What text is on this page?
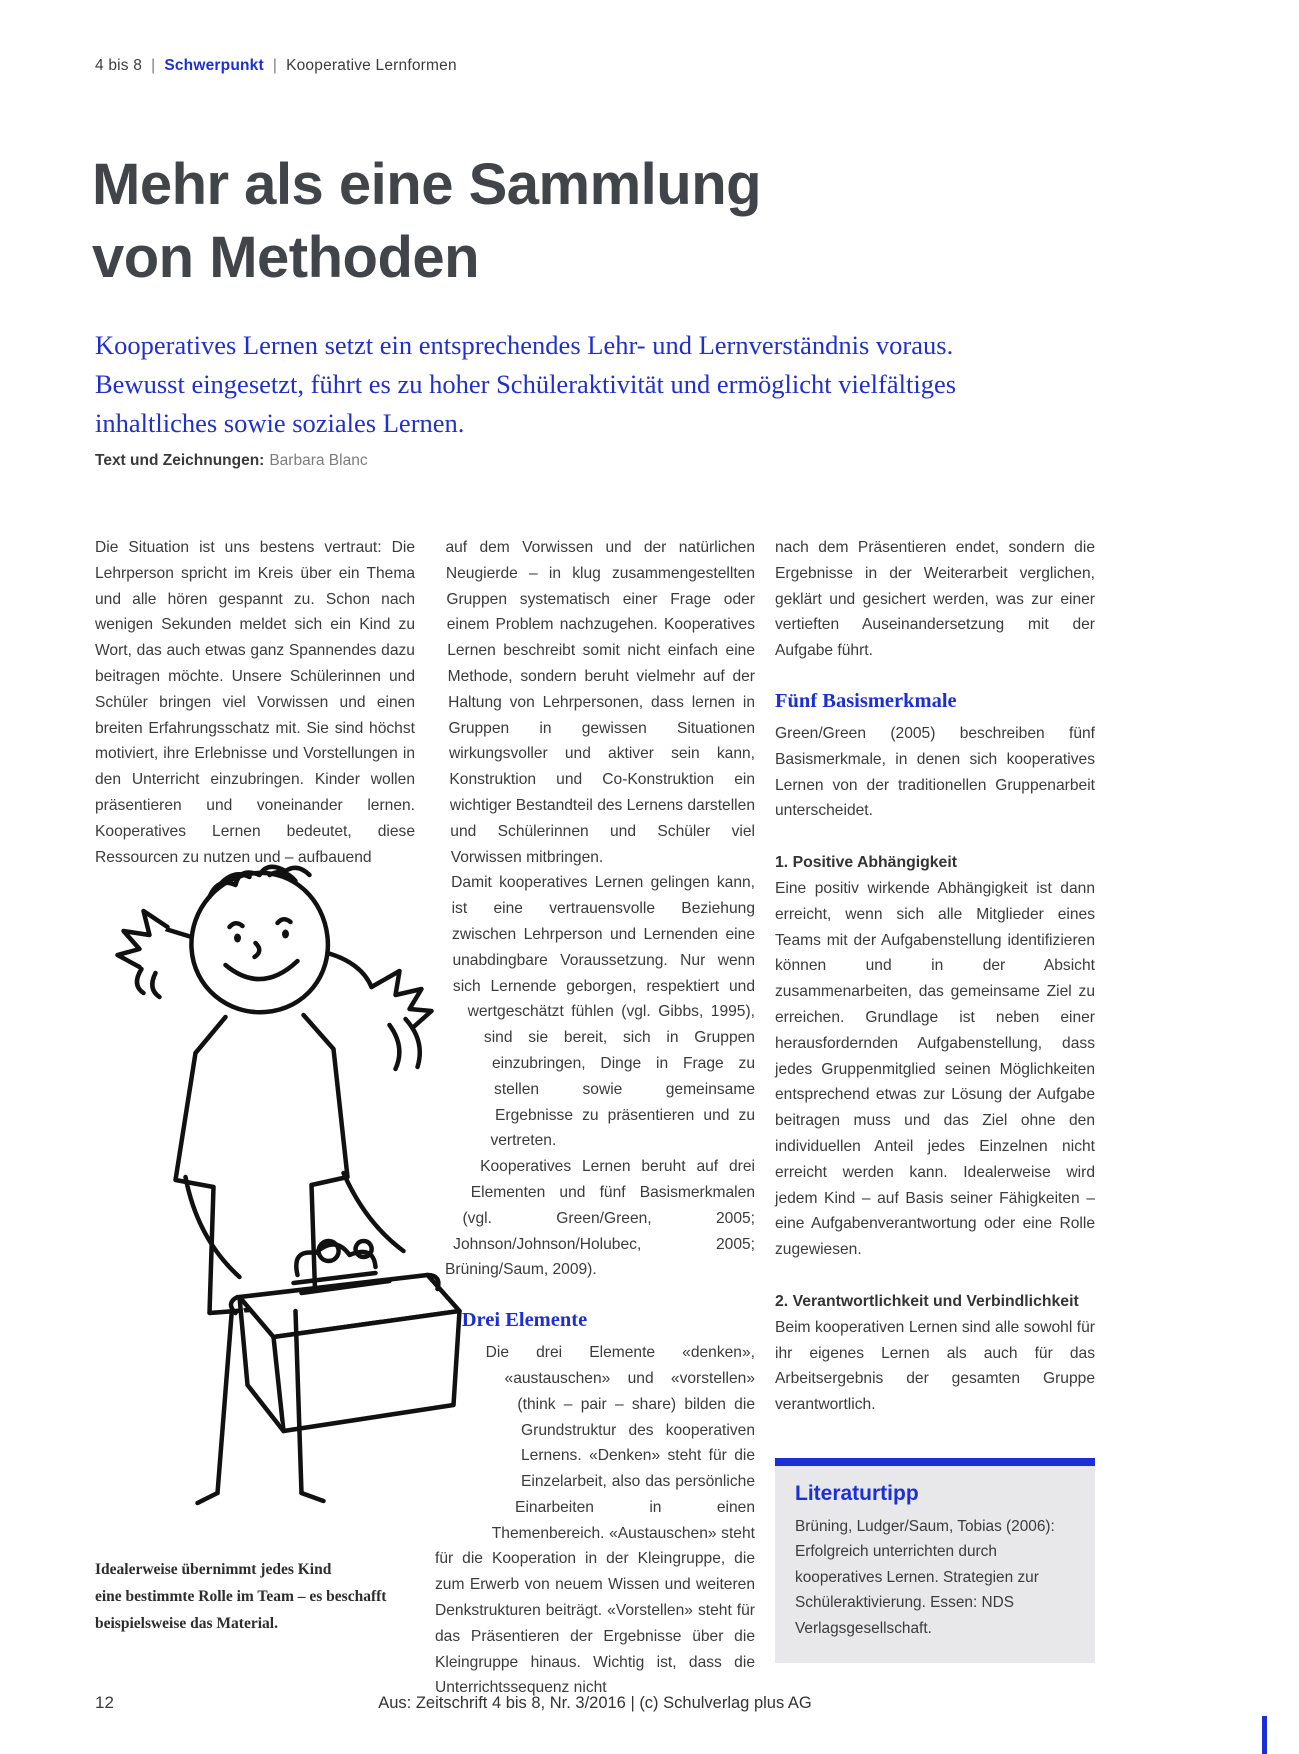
4 bis 8 | Schwerpunkt | Kooperative Lernformen
Mehr als eine Sammlung
von Methoden

Kooperatives Lernen setzt ein entsprechendes Lehr- und Lernverständnis voraus. Bewusst eingesetzt, führt es zu hoher Schüleraktivität und ermöglicht vielfältiges inhaltliches sowie soziales Lernen.

Text und Zeichnungen: Barbara Blanc

Die Situation ist uns bestens vertraut: Die Lehrperson spricht im Kreis über ein Thema und alle hören gespannt zu. Schon nach wenigen Sekunden meldet sich ein Kind zu Wort, das auch etwas ganz Spannendes dazu beitragen möchte. Unsere Schülerinnen und Schüler bringen viel Vorwissen und einen breiten Erfahrungsschatz mit. Sie sind höchst motiviert, ihre Erlebnisse und Vorstellungen in den Unterricht einzubringen. Kinder wollen präsentieren und voneinander lernen. Kooperatives Lernen bedeutet, diese Ressourcen zu nutzen und – aufbauend

auf dem Vorwissen und der natürlichen Neugierde – in klug zusammengestellten Gruppen systematisch einer Frage oder einem Problem nachzugehen. Kooperatives Lernen beschreibt somit nicht einfach eine Methode, sondern beruht vielmehr auf der Haltung von Lehrpersonen, dass lernen in Gruppen in gewissen Situationen wirkungsvoller und aktiver sein kann, Konstruktion und Co-Konstruktion ein wichtiger Bestandteil des Lernens darstellen und Schülerinnen und Schüler viel Vorwissen mitbringen.

Damit kooperatives Lernen gelingen kann, ist eine vertrauensvolle Beziehung zwischen Lehrperson und Lernenden eine unabdingbare Voraussetzung. Nur wenn sich Lernende geborgen, respektiert und wertgeschätzt fühlen (vgl. Gibbs, 1995), sind sie bereit, sich in Gruppen einzubringen, Dinge in Frage zu stellen sowie gemeinsame Ergebnisse zu präsentieren und zu vertreten.

Kooperatives Lernen beruht auf drei Elementen und fünf Basismerkmalen (vgl. Green/Green, 2005; Johnson/Johnson/Holubec, 2005; Brüning/Saum, 2009).

Drei Elemente

Die drei Elemente «denken», «austauschen» und «vorstellen» (think – pair – share) bilden die Grundstruktur des kooperativen Lernens. «Denken» steht für die Einzelarbeit, also das persönliche Einarbeiten in einen Themenbereich. «Austauschen» steht für die Kooperation in der Kleingruppe, die zum Erwerb von neuem Wissen und weiteren Denkstrukturen beiträgt. «Vorstellen» steht für das Präsentieren der Ergebnisse über die Kleingruppe hinaus. Wichtig ist, dass die Unterrichtssequenz nicht

nach dem Präsentieren endet, sondern die Ergebnisse in der Weiterarbeit verglichen, geklärt und gesichert werden, was zur einer vertieften Auseinandersetzung mit der Aufgabe führt.

Fünf Basismerkmale

Green/Green (2005) beschreiben fünf Basismerkmale, in denen sich kooperatives Lernen von der traditionellen Gruppenarbeit unterscheidet.

1. Positive Abhängigkeit

Eine positiv wirkende Abhängigkeit ist dann erreicht, wenn sich alle Mitglieder eines Teams mit der Aufgabenstellung identifizieren können und in der Absicht zusammenarbeiten, das gemeinsame Ziel zu erreichen. Grundlage ist neben einer herausfordernden Aufgabenstellung, dass jedes Gruppenmitglied seinen Möglichkeiten entsprechend etwas zur Lösung der Aufgabe beitragen muss und das Ziel ohne den individuellen Anteil jedes Einzelnen nicht erreicht werden kann. Idealerweise wird jedem Kind – auf Basis seiner Fähigkeiten – eine Aufgabenverantwortung oder eine Rolle zugewiesen.

2. Verantwortlichkeit und Verbindlichkeit

Beim kooperativen Lernen sind alle sowohl für ihr eigenes Lernen als auch für das Arbeitsergebnis der gesamten Gruppe verantwortlich.

Literaturtipp

Brüning, Ludger/Saum, Tobias (2006): Erfolgreich unterrichten durch kooperatives Lernen. Strategien zur Schüleraktivierung. Essen: NDS Verlagsgesellschaft.

Idealerweise übernimmt jedes Kind
eine bestimmte Rolle im Team – es beschafft
beispielsweise das Material.

12	Aus: Zeitschrift 4 bis 8, Nr. 3/2016 | (c) Schulverlag plus AG
